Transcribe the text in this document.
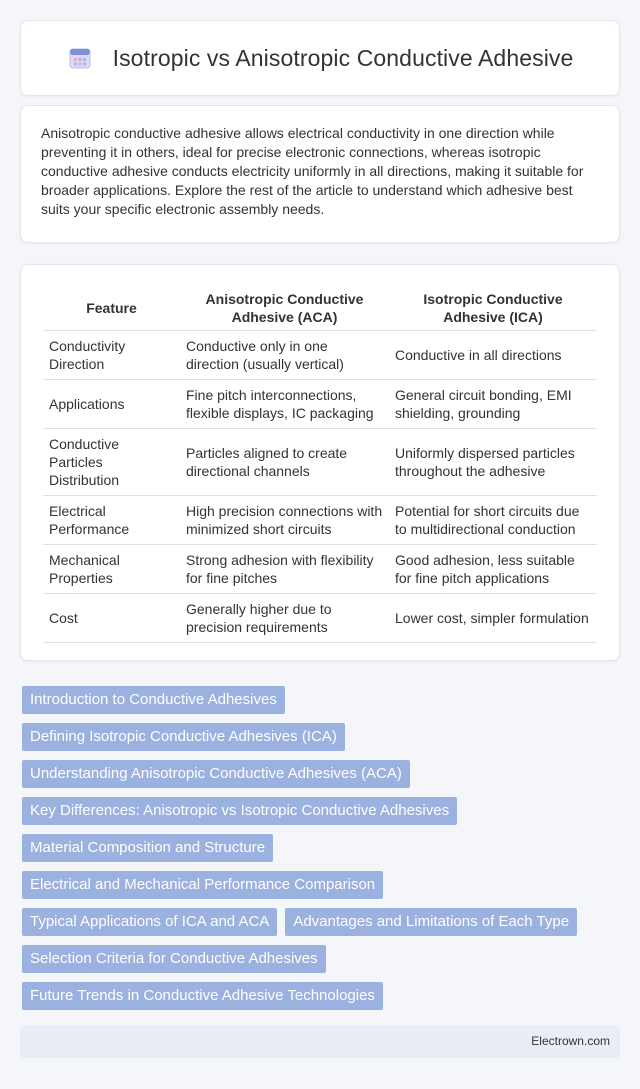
Isotropic vs Anisotropic Conductive Adhesive

Anisotropic conductive adhesive allows electrical conductivity in one direction while preventing it in others, ideal for precise electronic connections, whereas isotropic conductive adhesive conducts electricity uniformly in all directions, making it suitable for broader applications. Explore the rest of the article to understand which adhesive best suits your specific electronic assembly needs.

Feature	Anisotropic Conductive Adhesive (ACA)	Isotropic Conductive Adhesive (ICA)
Conductivity Direction	Conductive only in one direction (usually vertical)	Conductive in all directions
Applications	Fine pitch interconnections, flexible displays, IC packaging	General circuit bonding, EMI shielding, grounding
Conductive Particles Distribution	Particles aligned to create directional channels	Uniformly dispersed particles throughout the adhesive
Electrical Performance	High precision connections with minimized short circuits	Potential for short circuits due to multidirectional conduction
Mechanical Properties	Strong adhesion with flexibility for fine pitches	Good adhesion, less suitable for fine pitch applications
Cost	Generally higher due to precision requirements	Lower cost, simpler formulation
Introduction to Conductive Adhesives
Defining Isotropic Conductive Adhesives (ICA)
Understanding Anisotropic Conductive Adhesives (ACA)
Key Differences: Anisotropic vs Isotropic Conductive Adhesives
Material Composition and Structure
Electrical and Mechanical Performance Comparison
Typical Applications of ICA and ACA	Advantages and Limitations of Each Type
Selection Criteria for Conductive Adhesives
Future Trends in Conductive Adhesive Technologies
Electrown.com
